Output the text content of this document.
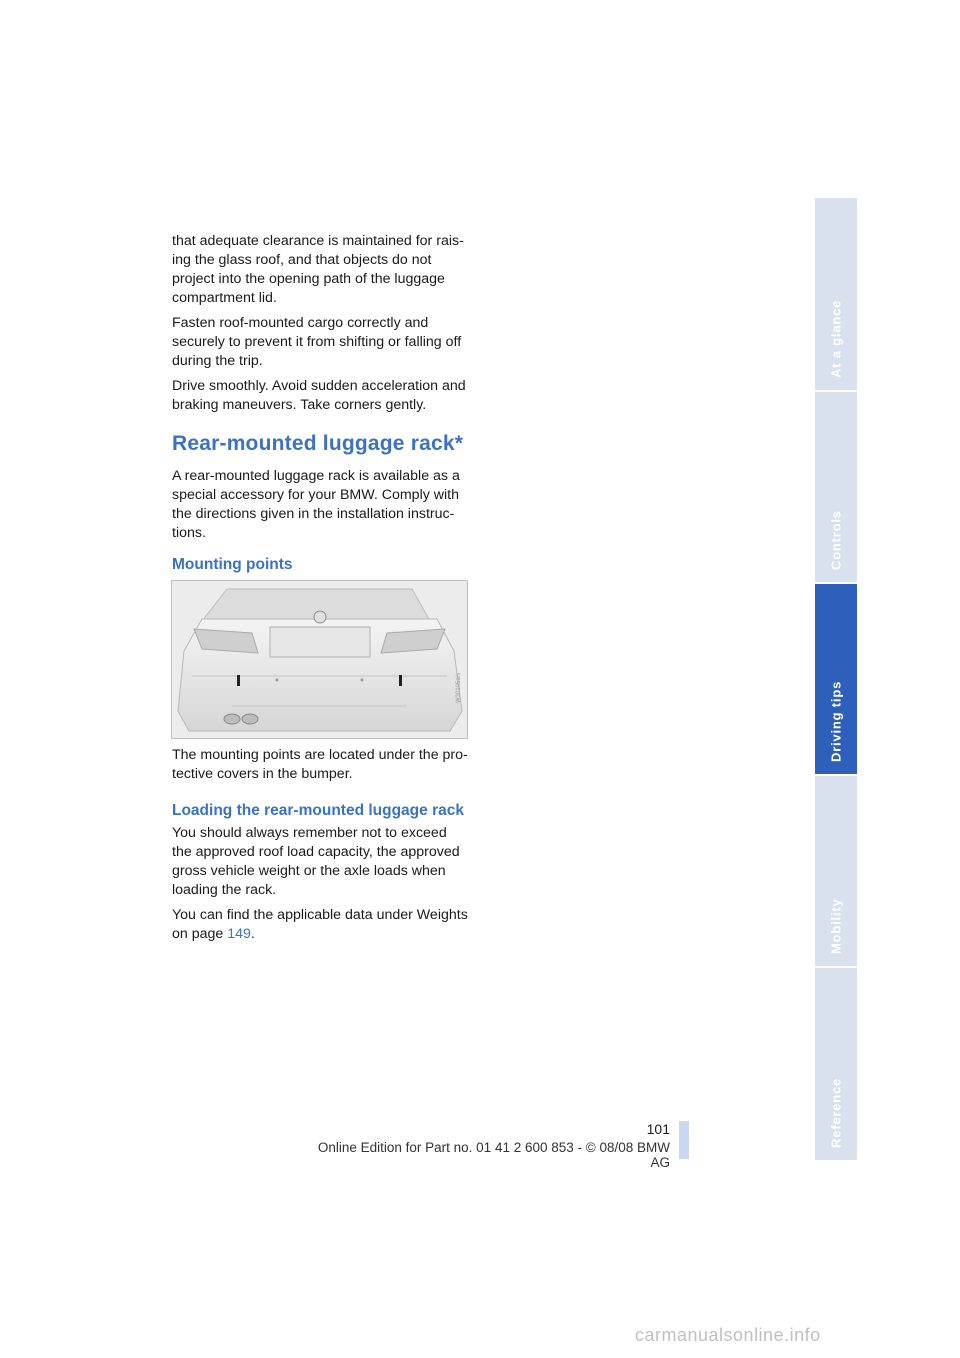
that adequate clearance is maintained for rais-ing the glass roof, and that objects do not project into the opening path of the luggage compartment lid.

Fasten roof-mounted cargo correctly and securely to prevent it from shifting or falling off during the trip.

Drive smoothly. Avoid sudden acceleration and braking maneuvers. Take corners gently.

Rear-mounted luggage rack*

A rear-mounted luggage rack is available as a special accessory for your BMW. Comply with the directions given in the installation instruc-tions.

Mounting points
W30105a/s

The mounting points are located under the pro-tective covers in the bumper.

Loading the rear-mounted luggage rack

You should always remember not to exceed the approved roof load capacity, the approved gross vehicle weight or the axle loads when loading the rack.

You can find the applicable data under Weights on page 149.

At a glance
Controls
Driving tips
Mobility
Reference
101
Online Edition for Part no. 01 41 2 600 853 - © 08/08 BMW AG
carmanualsonline.info
